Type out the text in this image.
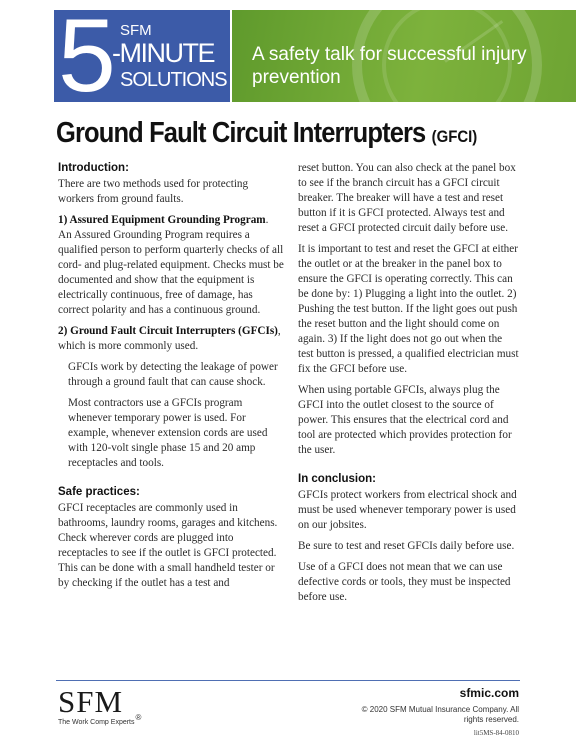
5 SFM
-MINUTE
SOLUTIONS
A safety talk for successful injury prevention
Ground Fault Circuit Interrupters (GFCI)
Introduction:

There are two methods used for protecting workers from ground faults.

1) Assured Equipment Grounding Program. An Assured Grounding Program requires a qualified person to perform quarterly checks of all cord- and plug-related equipment. Checks must be documented and show that the equipment is electrically continuous, free of damage, has correct polarity and has a continuous ground.

2) Ground Fault Circuit Interrupters (GFCIs), which is more commonly used.

GFCIs work by detecting the leakage of power through a ground fault that can cause shock.

Most contractors use a GFCIs program whenever temporary power is used. For example, whenever extension cords are used with 120-volt single phase 15 and 20 amp receptacles and tools.

Safe practices:

GFCI receptacles are commonly used in bathrooms, laundry rooms, garages and kitchens. Check wherever cords are plugged into receptacles to see if the outlet is GFCI protected. This can be done with a small handheld tester or by checking if the outlet has a test and

reset button. You can also check at the panel box to see if the branch circuit has a GFCI circuit breaker. The breaker will have a test and reset button if it is GFCI protected. Always test and reset a GFCI protected circuit daily before use.

It is important to test and reset the GFCI at either the outlet or at the breaker in the panel box to ensure the GFCI is operating correctly. This can be done by: 1) Plugging a light into the outlet. 2) Pushing the test button. If the light goes out push the reset button and the light should come on again. 3) If the light does not go out when the test button is pressed, a qualified electrician must fix the GFCI before use.

When using portable GFCIs, always plug the GFCI into the outlet closest to the source of power. This ensures that the electrical cord and tool are protected which provides protection for the user.

In conclusion:

GFCIs protect workers from electrical shock and must be used whenever temporary power is used on our jobsites.

Be sure to test and reset GFCIs daily before use.

Use of a GFCI does not mean that we can use defective cords or tools, they must be inspected before use.

SFM
The Work Comp Experts®
sfmic.com
© 2020 SFM Mutual Insurance Company. All rights reserved.
lit5MS-84-0810
